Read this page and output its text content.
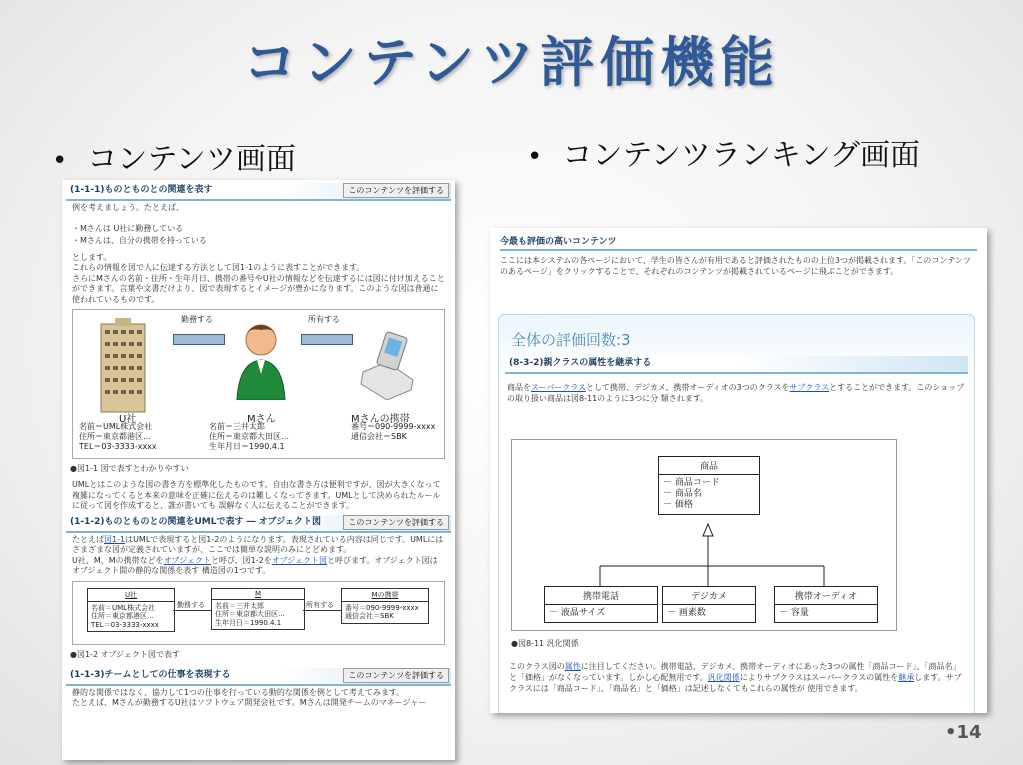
コンテンツ評価機能
• コンテンツ画面	• コンテンツランキング画面
(1-1-1)ものとものとの関連を表す	このコンテンツを評価する
例を考えましょう。たとえば、
・Mさんは U社に勤務している
・Mさんは、自分の携帯を持っている
とします。
これらの情報を図で人に伝達する方法として図1-1のように表すことができます。
さらにMさんの名前・住所・生年月日、携帯の番号やU社の情報などを伝達するには図に付け加えることができます。言葉や文書だけより、図で表現するとイメージが豊かになります。このような図は普通に使われているものです。
勤務する	所有する
U社
名前＝UML株式会社
住所＝東京都港区…
TEL＝03-3333-xxxx
Mさん
名前＝三井太郎
住所＝東京都大田区…
生年月日＝1990.4.1
Mさんの携帯
番号＝090-9999-xxxx
通信会社＝SBK
●図1-1 図で表すとわかりやすい
UMLとはこのような図の書き方を標準化したものです。自由な書き方は便利ですが、図が大きくなって複雑になってくると本来の意味を正確に伝えるのは難しくなってきます。UMLとして決められたルールに従って図を作成すると、誰が書いても 誤解なく人に伝えることができます。
(1-1-2)ものとものとの関連をUMLで表す ― オブジェクト図	このコンテンツを評価する
たとえば図1-1はUMLで表現すると図1-2のようになります。表現されている内容は同じです。UMLにはさまざまな図が定義されていますが、ここでは簡単な説明のみにとどめます。
U社、M、Mの携帯などをオブジェクトと呼び、図1-2をオブジェクト図と呼びます。オブジェクト図はオブジェクト間の静的な関係を表す 構造図の1つです。
U社
名前＝UML株式会社
住所＝東京都港区…
TEL＝03-3333-xxxx
勤務する
M
名前＝三井太郎
住所＝東京都大田区…
生年月日＝1990.4.1
所有する
Mの携帯
番号＝090-9999-xxxx
通信会社＝SBK
●図1-2 オブジェクト図で表す
(1-1-3)チームとしての仕事を表現する	このコンテンツを評価する
静的な関係ではなく、協力して1つの仕事を行っている動的な関係を例として考えてみます。
たとえば、Mさんが勤務するU社はソフトウェア開発会社です。Mさんは開発チームのマネージャー
今最も評価の高いコンテンツ
ここには本システムの各ページにおいて、学生の皆さんが有用であると評価されたものの上位3つが掲載されます。「このコンテンツのあるページ」をクリックすることで、それぞれのコンテンツが掲載されているページに飛ぶことができます。
全体の評価回数:3
(8-3-2)親クラスの属性を継承する
商品をスーパークラスとして携帯、デジカメ、携帯オーディオの3つのクラスをサブクラスとすることができます。このショップの取り扱い商品は図8-11のように3つに分 類されます。
商品
－ 商品コード
－ 商品名
－ 価格
携帯電話
－ 液晶サイズ
デジカメ
－ 画素数
携帯オーディオ
－ 容量
●図8-11 汎化関係
このクラス図の属性に注目してください。携帯電話、デジカメ、携帯オーディオにあった3つの属性「商品コード」、「商品名」と「価格」がなくなっています。しかし心配無用です。汎化関係によりサブクラスはスーパークラスの属性を継承します。サブクラスには「商品コード」、「商品名」と「価格」は記述しなくてもこれらの属性が 使用できます。
•14
